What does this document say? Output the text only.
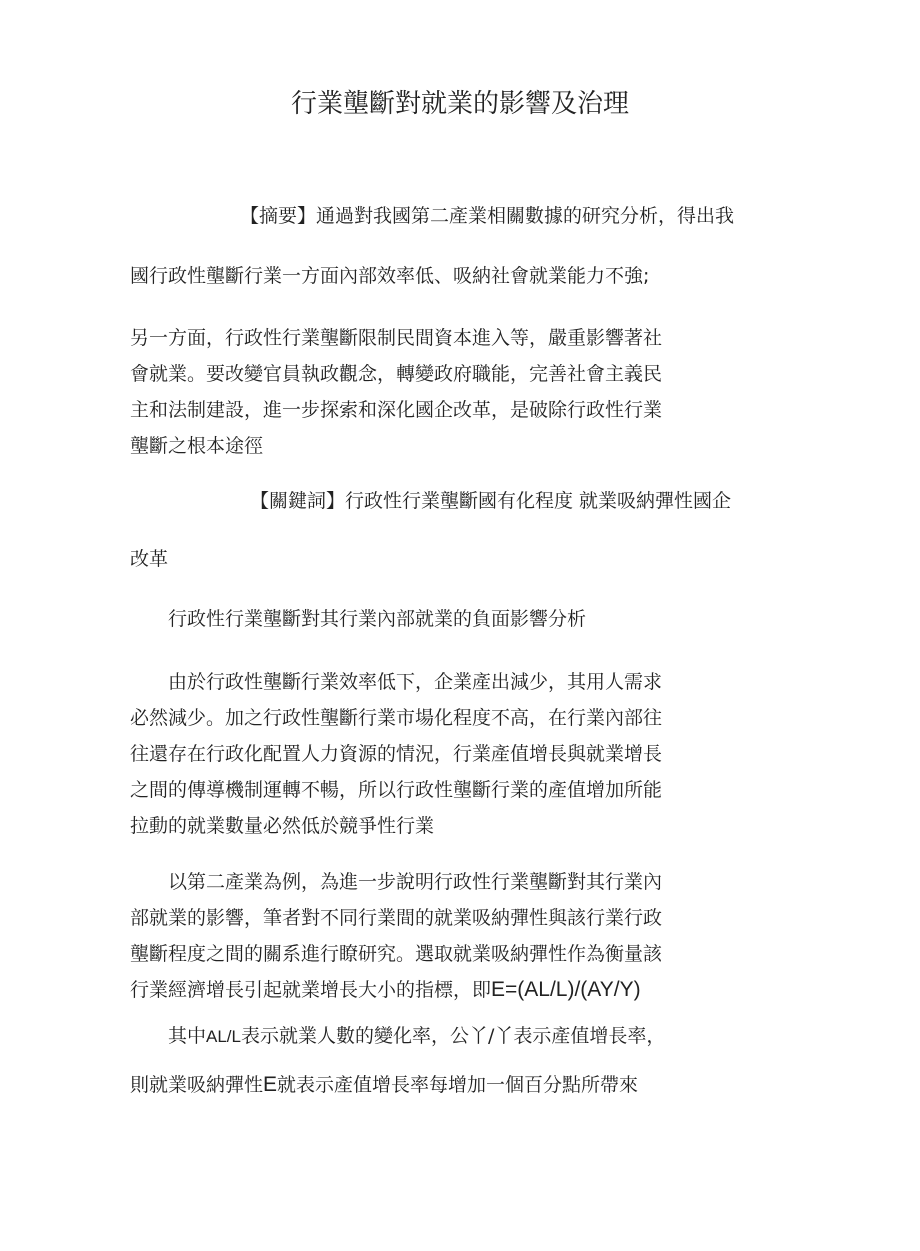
行業壟斷對就業的影響及治理
【摘要】通過對我國第二產業相關數據的研究分析，得出我
國行政性壟斷行業一方面內部效率低、吸納社會就業能力不強;
另一方面，行政性行業壟斷限制民間資本進入等，嚴重影響著社
會就業。要改變官員執政觀念，轉變政府職能，完善社會主義民
主和法制建設，進一步探索和深化國企改革，是破除行政性行業
壟斷之根本途徑
【關鍵詞】行政性行業壟斷國有化程度 就業吸納彈性國企
改革
行政性行業壟斷對其行業內部就業的負面影響分析
由於行政性壟斷行業效率低下，企業產出減少，其用人需求
必然減少。加之行政性壟斷行業市場化程度不高，在行業內部往
往還存在行政化配置人力資源的情況，行業產值增長與就業增長
之間的傳導機制運轉不暢，所以行政性壟斷行業的產值增加所能
拉動的就業數量必然低於競爭性行業
以第二產業為例，為進一步說明行政性行業壟斷對其行業內
部就業的影響，筆者對不同行業間的就業吸納彈性與該行業行政
壟斷程度之間的關系進行瞭研究。選取就業吸納彈性作為衡量該
行業經濟增長引起就業增長大小的指標，即E=(AL/L)/(AY/Y)
其中AL/L表示就業人數的變化率，公丫/丫表示產值增長率，
則就業吸納彈性E就表示產值增長率每增加一個百分點所帶來
